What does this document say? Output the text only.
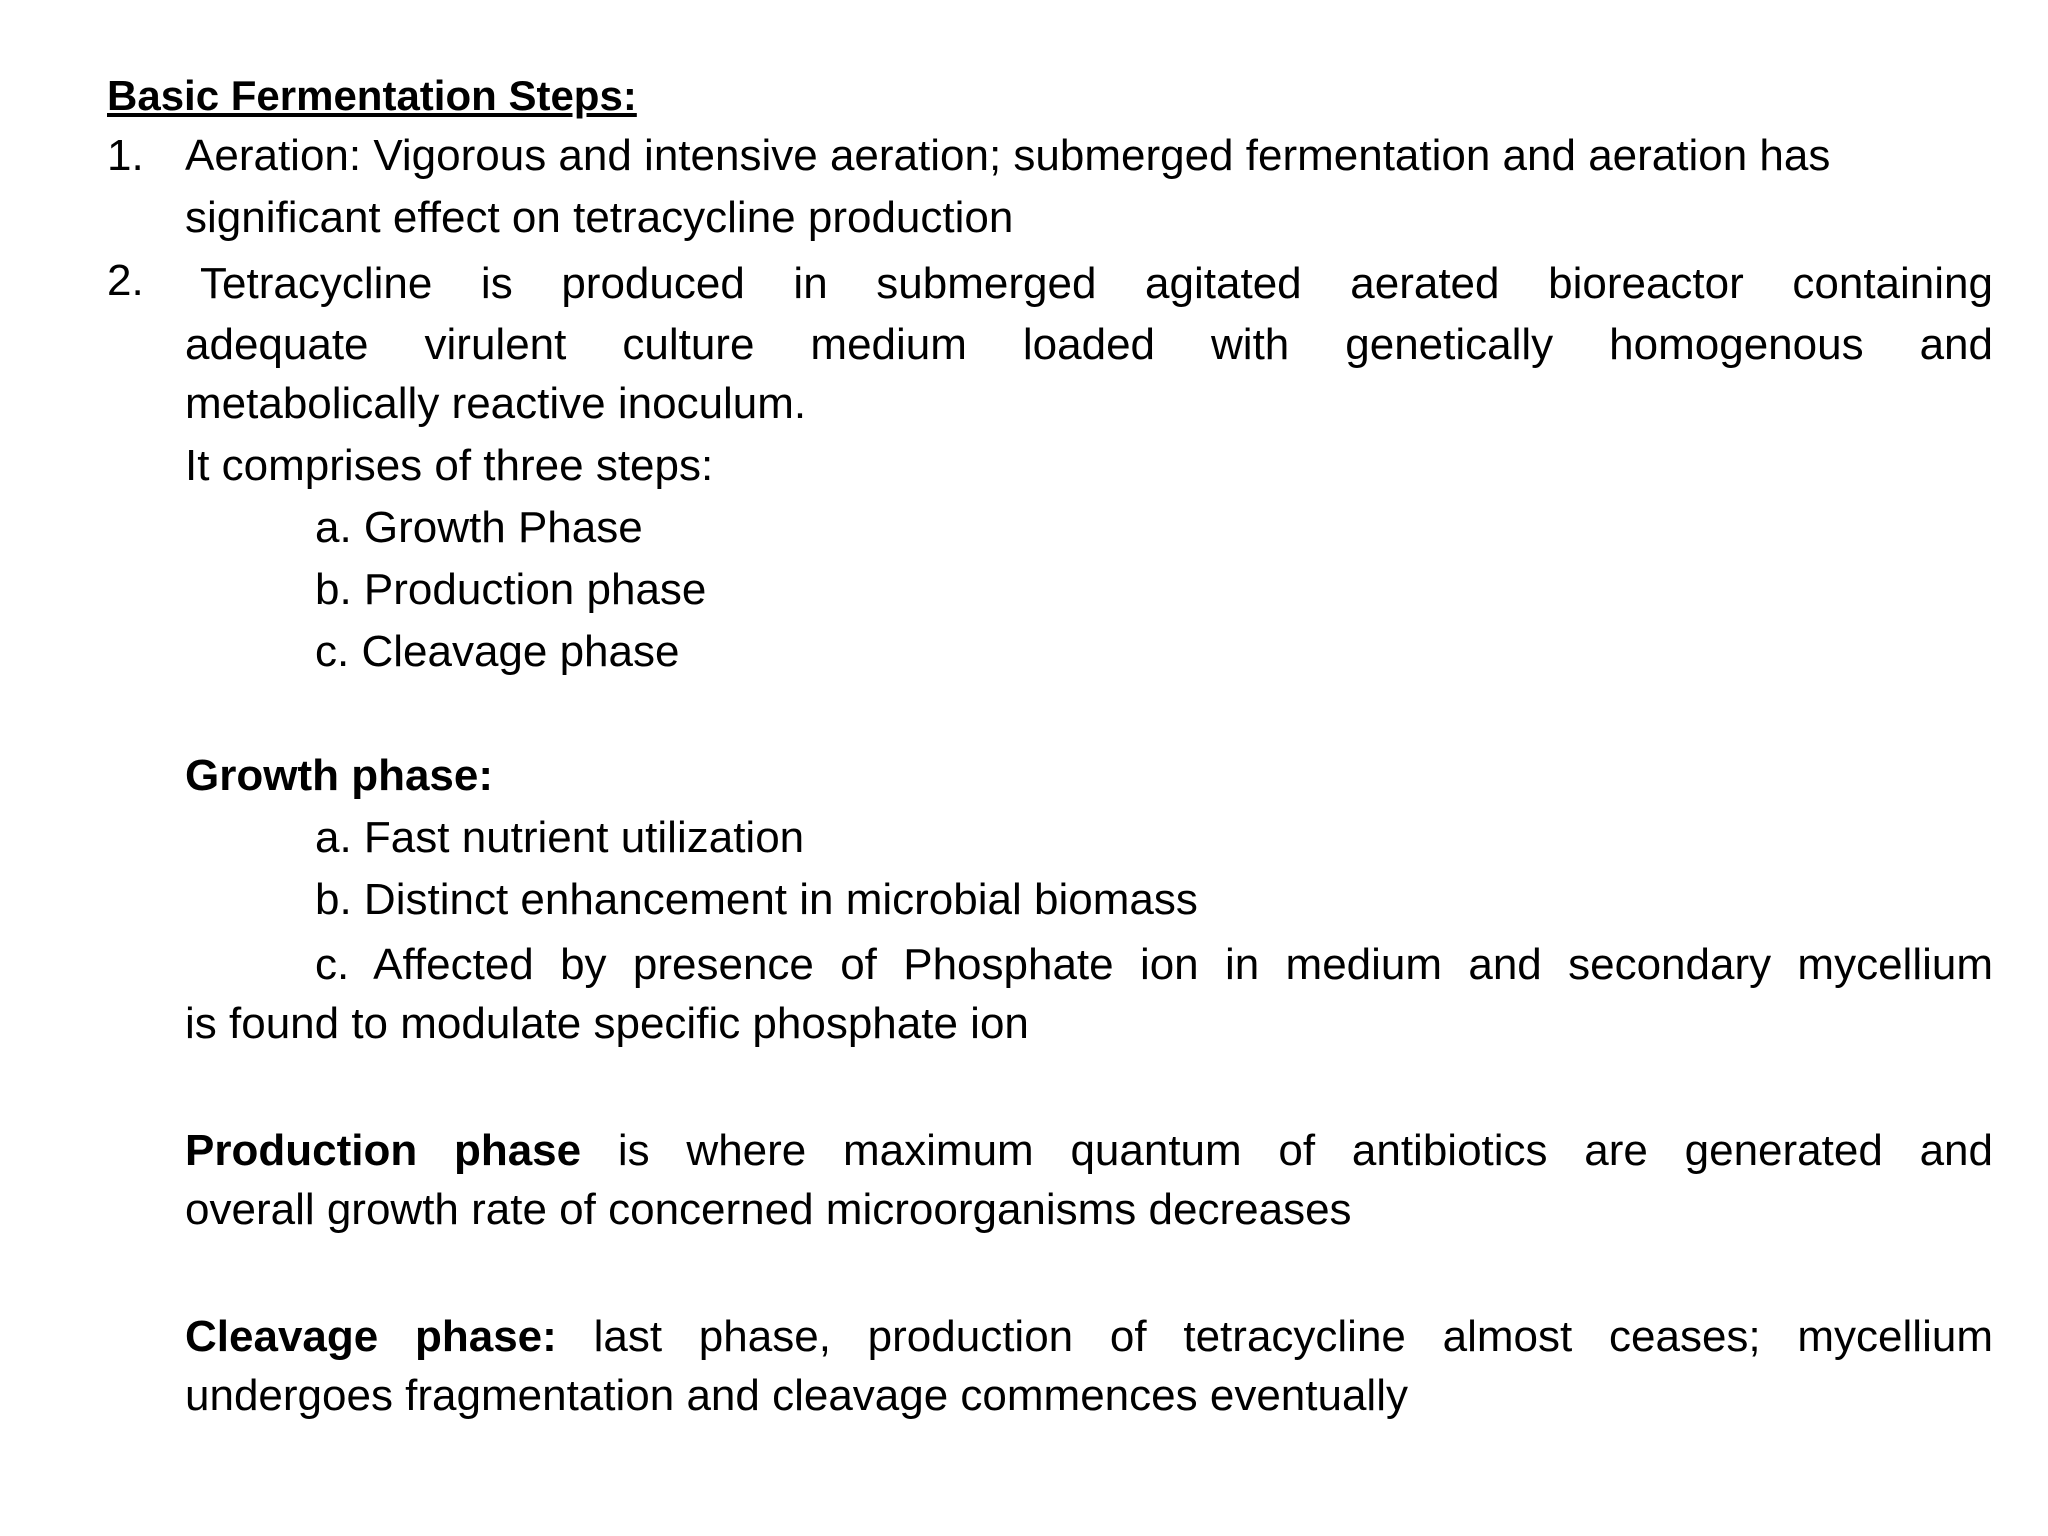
Basic Fermentation Steps:
1. Aeration: Vigorous and intensive aeration; submerged fermentation and aeration has
significant effect on tetracycline production
2. Tetracycline is produced in submerged agitated aerated bioreactor containing
adequate virulent culture medium loaded with genetically homogenous and
metabolically reactive inoculum.
It comprises of three steps:
a. Growth Phase
b. Production phase
c. Cleavage phase
Growth phase:
a. Fast nutrient utilization
b. Distinct enhancement in microbial biomass
c. Affected by presence of Phosphate ion in medium and secondary mycellium
is found to modulate specific phosphate ion
Production phase is where maximum quantum of antibiotics are generated and
overall growth rate of concerned microorganisms decreases
Cleavage phase: last phase, production of tetracycline almost ceases; mycellium
undergoes fragmentation and cleavage commences eventually
